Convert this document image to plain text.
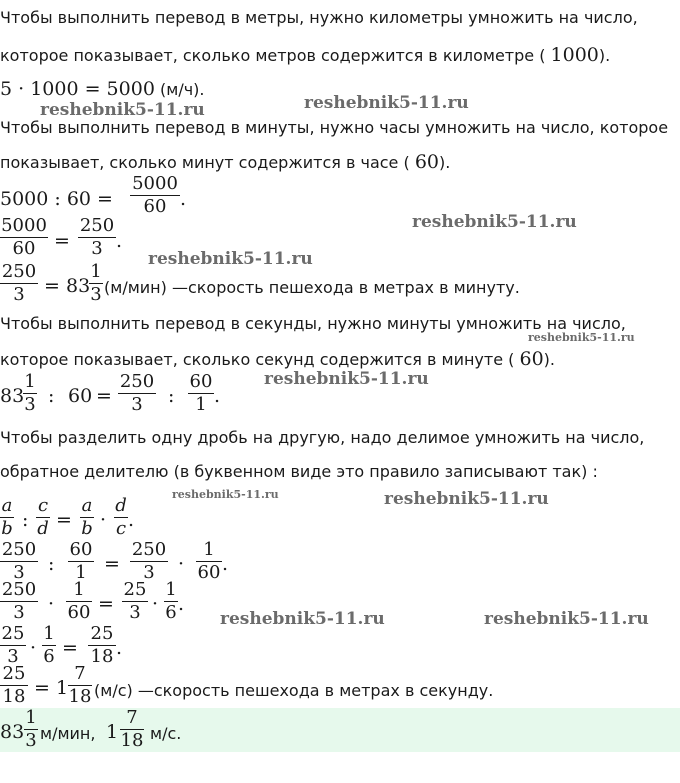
Чтобы выполнить перевод в метры, нужно километры умножить на число,
которое показывает, сколько метров содержится в километре ( 1000).
5 · 1000 = 5000 (м/ч).
Чтобы выполнить перевод в минуты, нужно часы умножить на число, которое
показывает, сколько минут содержится в часе ( 60).
5000 : 60 =
5000
60 .
5000
60 =
250
3 .
250
3	= 83
1
3 (м/мин) —скорость пешехода в метрах в минуту.
Чтобы выполнить перевод в секунды, нужно минуты умножить на число,
которое показывает, сколько секунд содержится в минуте ( 60).
83
1
3 : 60 =
250
3	:
60
1 .
Чтобы разделить одну дробь на другую, надо делимое умножить на число,
обратное делителю (в буквенном виде это правило записывают так) :
a
b :
c
d =
a
b ·
d
c .
250
3	:
60
1 =
250
3	·
1
60 .
250
3	·
1
60 =
25
3 ·
1
6 .
25
3 ·
1
6 =
25
18 .
25
18 = 1
7
18 (м/с) —скорость пешехода в метрах в секунду.
83
1
3 м/мин, 1
7
18 м/с.
reshebnik5-11.ru	reshebnik5-11.ru
reshebnik5-11.ru
reshebnik5-11.ru
reshebnik5-11.ru
reshebnik5-11.ru
reshebnik5-11.ru	reshebnik5-11.ru
reshebnik5-11.ru	reshebnik5-11.ru
